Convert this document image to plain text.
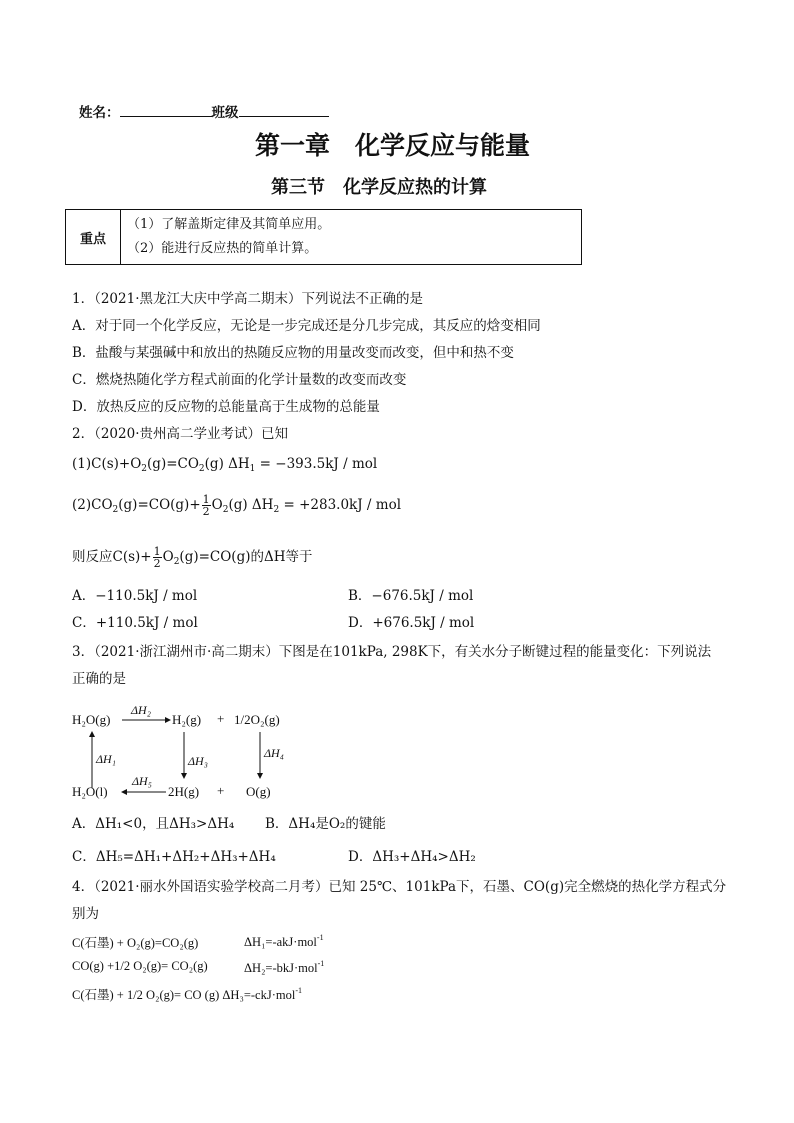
姓名：	班级
第一章　化学反应与能量
第三节　化学反应热的计算
重点	
（1）了解盖斯定律及其简单应用。
（2）能进行反应热的简单计算。
1．（2021·黑龙江大庆中学高二期末）下列说法不正确的是
A．对于同一个化学反应，无论是一步完成还是分几步完成，其反应的焓变相同
B．盐酸与某强碱中和放出的热随反应物的用量改变而改变，但中和热不变
C．燃烧热随化学方程式前面的化学计量数的改变而改变
D．放热反应的反应物的总能量高于生成物的总能量
2．（2020·贵州高二学业考试）已知
$(1)C(s)+O_2(g)=CO_2(g) \Delta H_1 = -393.5kJ$ / mol
$(2)CO_2(g)=CO(g)+ \frac{1}{2} O_2(g) \Delta H_2 = +283.0kJ$ / mol
则反应$C(s)+ \frac{1}{2} O_2(g)=CO(g)$的ΔH等于
A．−110.5kJ / mol	B．−676.5kJ / mol
C．+110.5kJ / mol	D．+676.5kJ / mol
3．（2021·浙江湖州市·高二期末）下图是在101kPa, 298K下，有关水分子断键过程的能量变化：下列说法
正确的是
H₂O(g)
ΔH₂
H₂(g) + 1/2O₂(g)
ΔH₁	ΔH₃
ΔH₄
ΔH₅
H₂O(l)	2H(g) + O(g)
A．ΔH₁<0，且ΔH₃>ΔH₄ B．ΔH₄是O₂的键能
C．ΔH₅=ΔH₁+ΔH₂+ΔH₃+ΔH₄	D．ΔH₃+ΔH₄>ΔH₂
4．（2021·丽水外国语实验学校高二月考）已知 25℃、101kPa下，石墨、CO(g)完全燃烧的热化学方程式分
别为
C(石墨) + O₂(g)=CO₂(g)	ΔH₁=-akJ·mol$^{-1}$
CO(g) +1/2 O₂(g)= CO₂(g)	ΔH₂=-bkJ·mol$^{-1}$
C(石墨) + 1/2 O₂(g)= CO (g) ΔH₃=-ckJ·mol$^{-1}$
